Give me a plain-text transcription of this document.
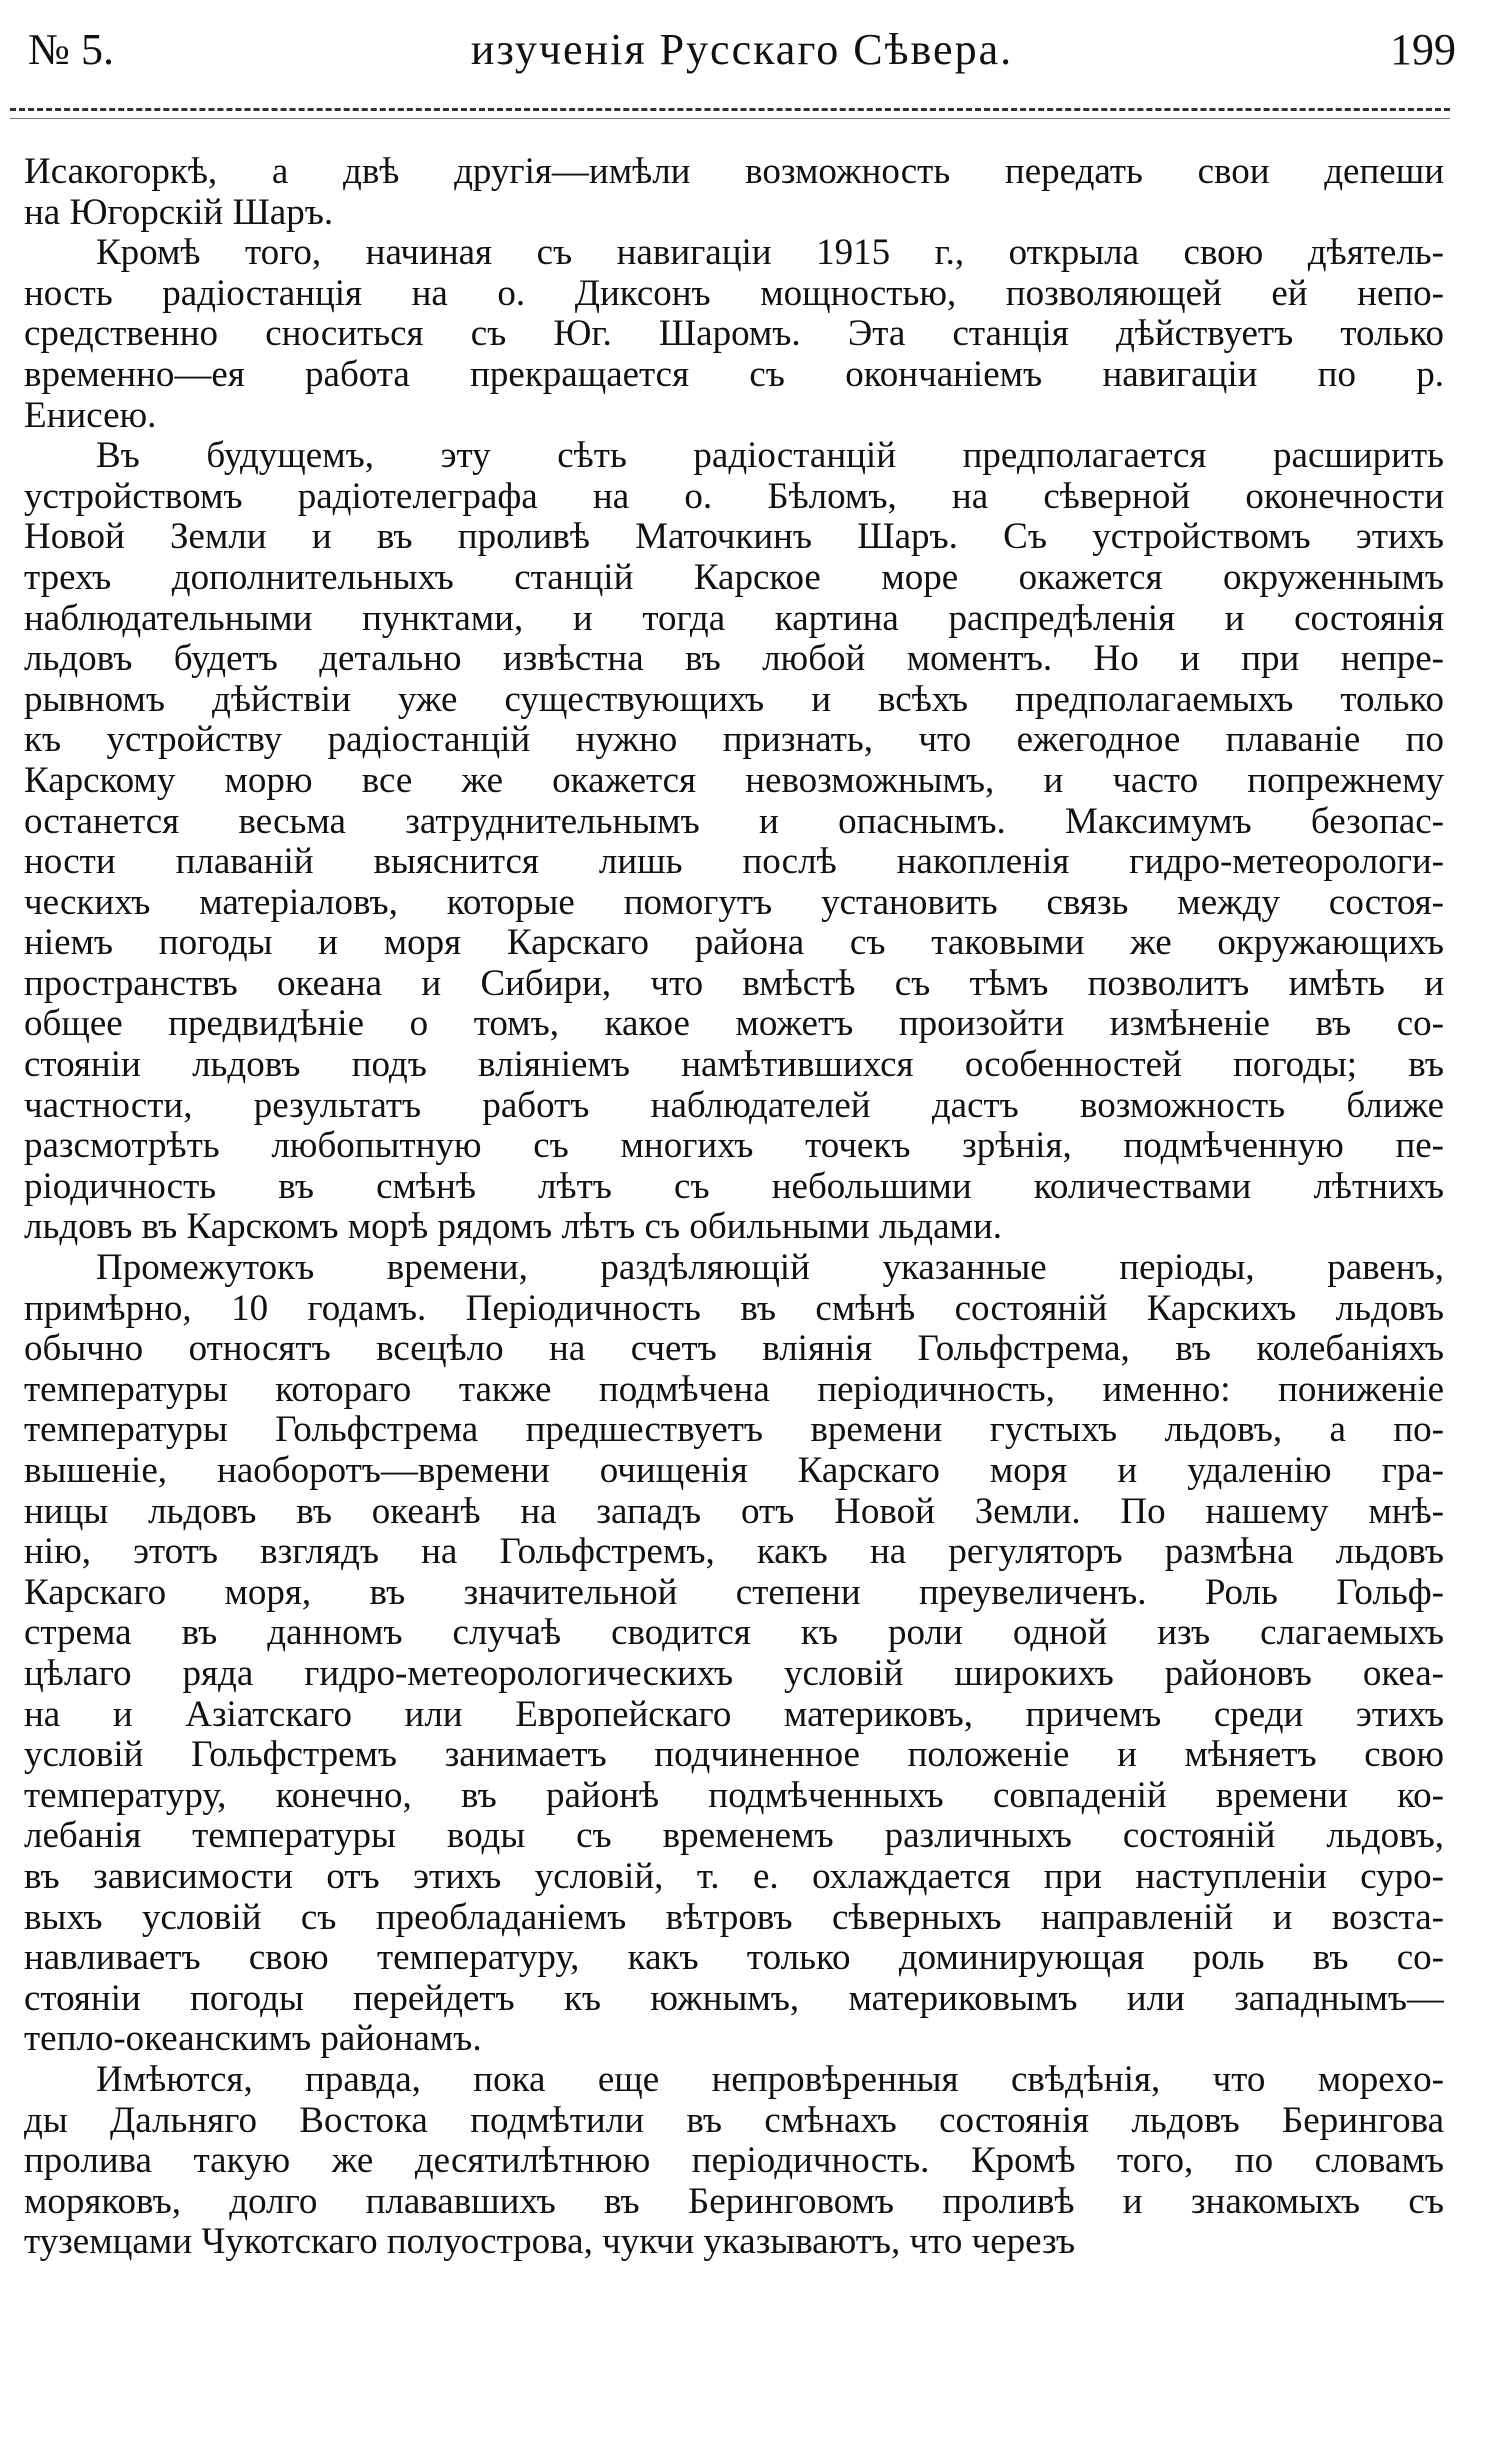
№ 5.	изученія Русскаго Сѣвера.	199
Исакогоркѣ, а двѣ другія—имѣли возможность передать свои депеши
на Югорскій Шаръ.
Кромѣ того, начиная съ навигаціи 1915 г., открыла свою дѣятель-
ность радіостанція на о. Диксонъ мощностью, позволяющей ей непо-
средственно сноситься съ Юг. Шаромъ. Эта станція дѣйствуетъ только
временно—ея работа прекращается съ окончаніемъ навигаціи по р.
Енисею.
Въ будущемъ, эту сѣть радіостанцій предполагается расширить
устройствомъ радіотелеграфа на о. Бѣломъ, на сѣверной оконечности
Новой Земли и въ проливѣ Маточкинъ Шаръ. Съ устройствомъ этихъ
трехъ дополнительныхъ станцій Карское море окажется окруженнымъ
наблюдательными пунктами, и тогда картина распредѣленія и состоянія
льдовъ будетъ детально извѣстна въ любой моментъ. Но и при непре-
рывномъ дѣйствіи уже существующихъ и всѣхъ предполагаемыхъ только
къ устройству радіостанцій нужно признать, что ежегодное плаваніе по
Карскому морю все же окажется невозможнымъ, и часто попрежнему
останется весьма затруднительнымъ и опаснымъ. Максимумъ безопас-
ности плаваній выяснится лишь послѣ накопленія гидро-метеорологи-
ческихъ матеріаловъ, которые помогутъ установить связь между состоя-
ніемъ погоды и моря Карскаго района съ таковыми же окружающихъ
пространствъ океана и Сибири, что вмѣстѣ съ тѣмъ позволитъ имѣть и
общее предвидѣніе о томъ, какое можетъ произойти измѣненіе въ со-
стояніи льдовъ подъ вліяніемъ намѣтившихся особенностей погоды; въ
частности, результатъ работъ наблюдателей дастъ возможность ближе
разсмотрѣть любопытную съ многихъ точекъ зрѣнія, подмѣченную пе-
ріодичность въ смѣнѣ лѣтъ съ небольшими количествами лѣтнихъ
льдовъ въ Карскомъ морѣ рядомъ лѣтъ съ обильными льдами.
Промежутокъ времени, раздѣляющій указанные періоды, равенъ,
примѣрно, 10 годамъ. Періодичность въ смѣнѣ состояній Карскихъ льдовъ
обычно относятъ всецѣло на счетъ вліянія Гольфстрема, въ колебаніяхъ
температуры котораго также подмѣчена періодичность, именно: пониженіе
температуры Гольфстрема предшествуетъ времени густыхъ льдовъ, а по-
вышеніе, наоборотъ—времени очищенія Карскаго моря и удаленію гра-
ницы льдовъ въ океанѣ на западъ отъ Новой Земли. По нашему мнѣ-
нію, этотъ взглядъ на Гольфстремъ, какъ на регуляторъ размѣна льдовъ
Карскаго моря, въ значительной степени преувеличенъ. Роль Гольф-
стрема въ данномъ случаѣ сводится къ роли одной изъ слагаемыхъ
цѣлаго ряда гидро-метеорологическихъ условій широкихъ районовъ океа-
на и Азіатскаго или Европейскаго материковъ, причемъ среди этихъ
условій Гольфстремъ занимаетъ подчиненное положеніе и мѣняетъ свою
температуру, конечно, въ районѣ подмѣченныхъ совпаденій времени ко-
лебанія температуры воды съ временемъ различныхъ состояній льдовъ,
въ зависимости отъ этихъ условій, т. е. охлаждается при наступленіи суро-
выхъ условій съ преобладаніемъ вѣтровъ сѣверныхъ направленій и возста-
навливаетъ свою температуру, какъ только доминирующая роль въ со-
стояніи погоды перейдетъ къ южнымъ, материковымъ или западнымъ—
тепло-океанскимъ районамъ.
Имѣются, правда, пока еще непровѣренныя свѣдѣнія, что мореxо-
ды Дальняго Востока подмѣтили въ смѣнахъ состоянія льдовъ Берингова
пролива такую же десятилѣтнюю періодичность. Кромѣ того, по словамъ
моряковъ, долго плававшихъ въ Беринговомъ проливѣ и знакомыхъ съ
туземцами Чукотскаго полуострова, чукчи указываютъ, что черезъ
